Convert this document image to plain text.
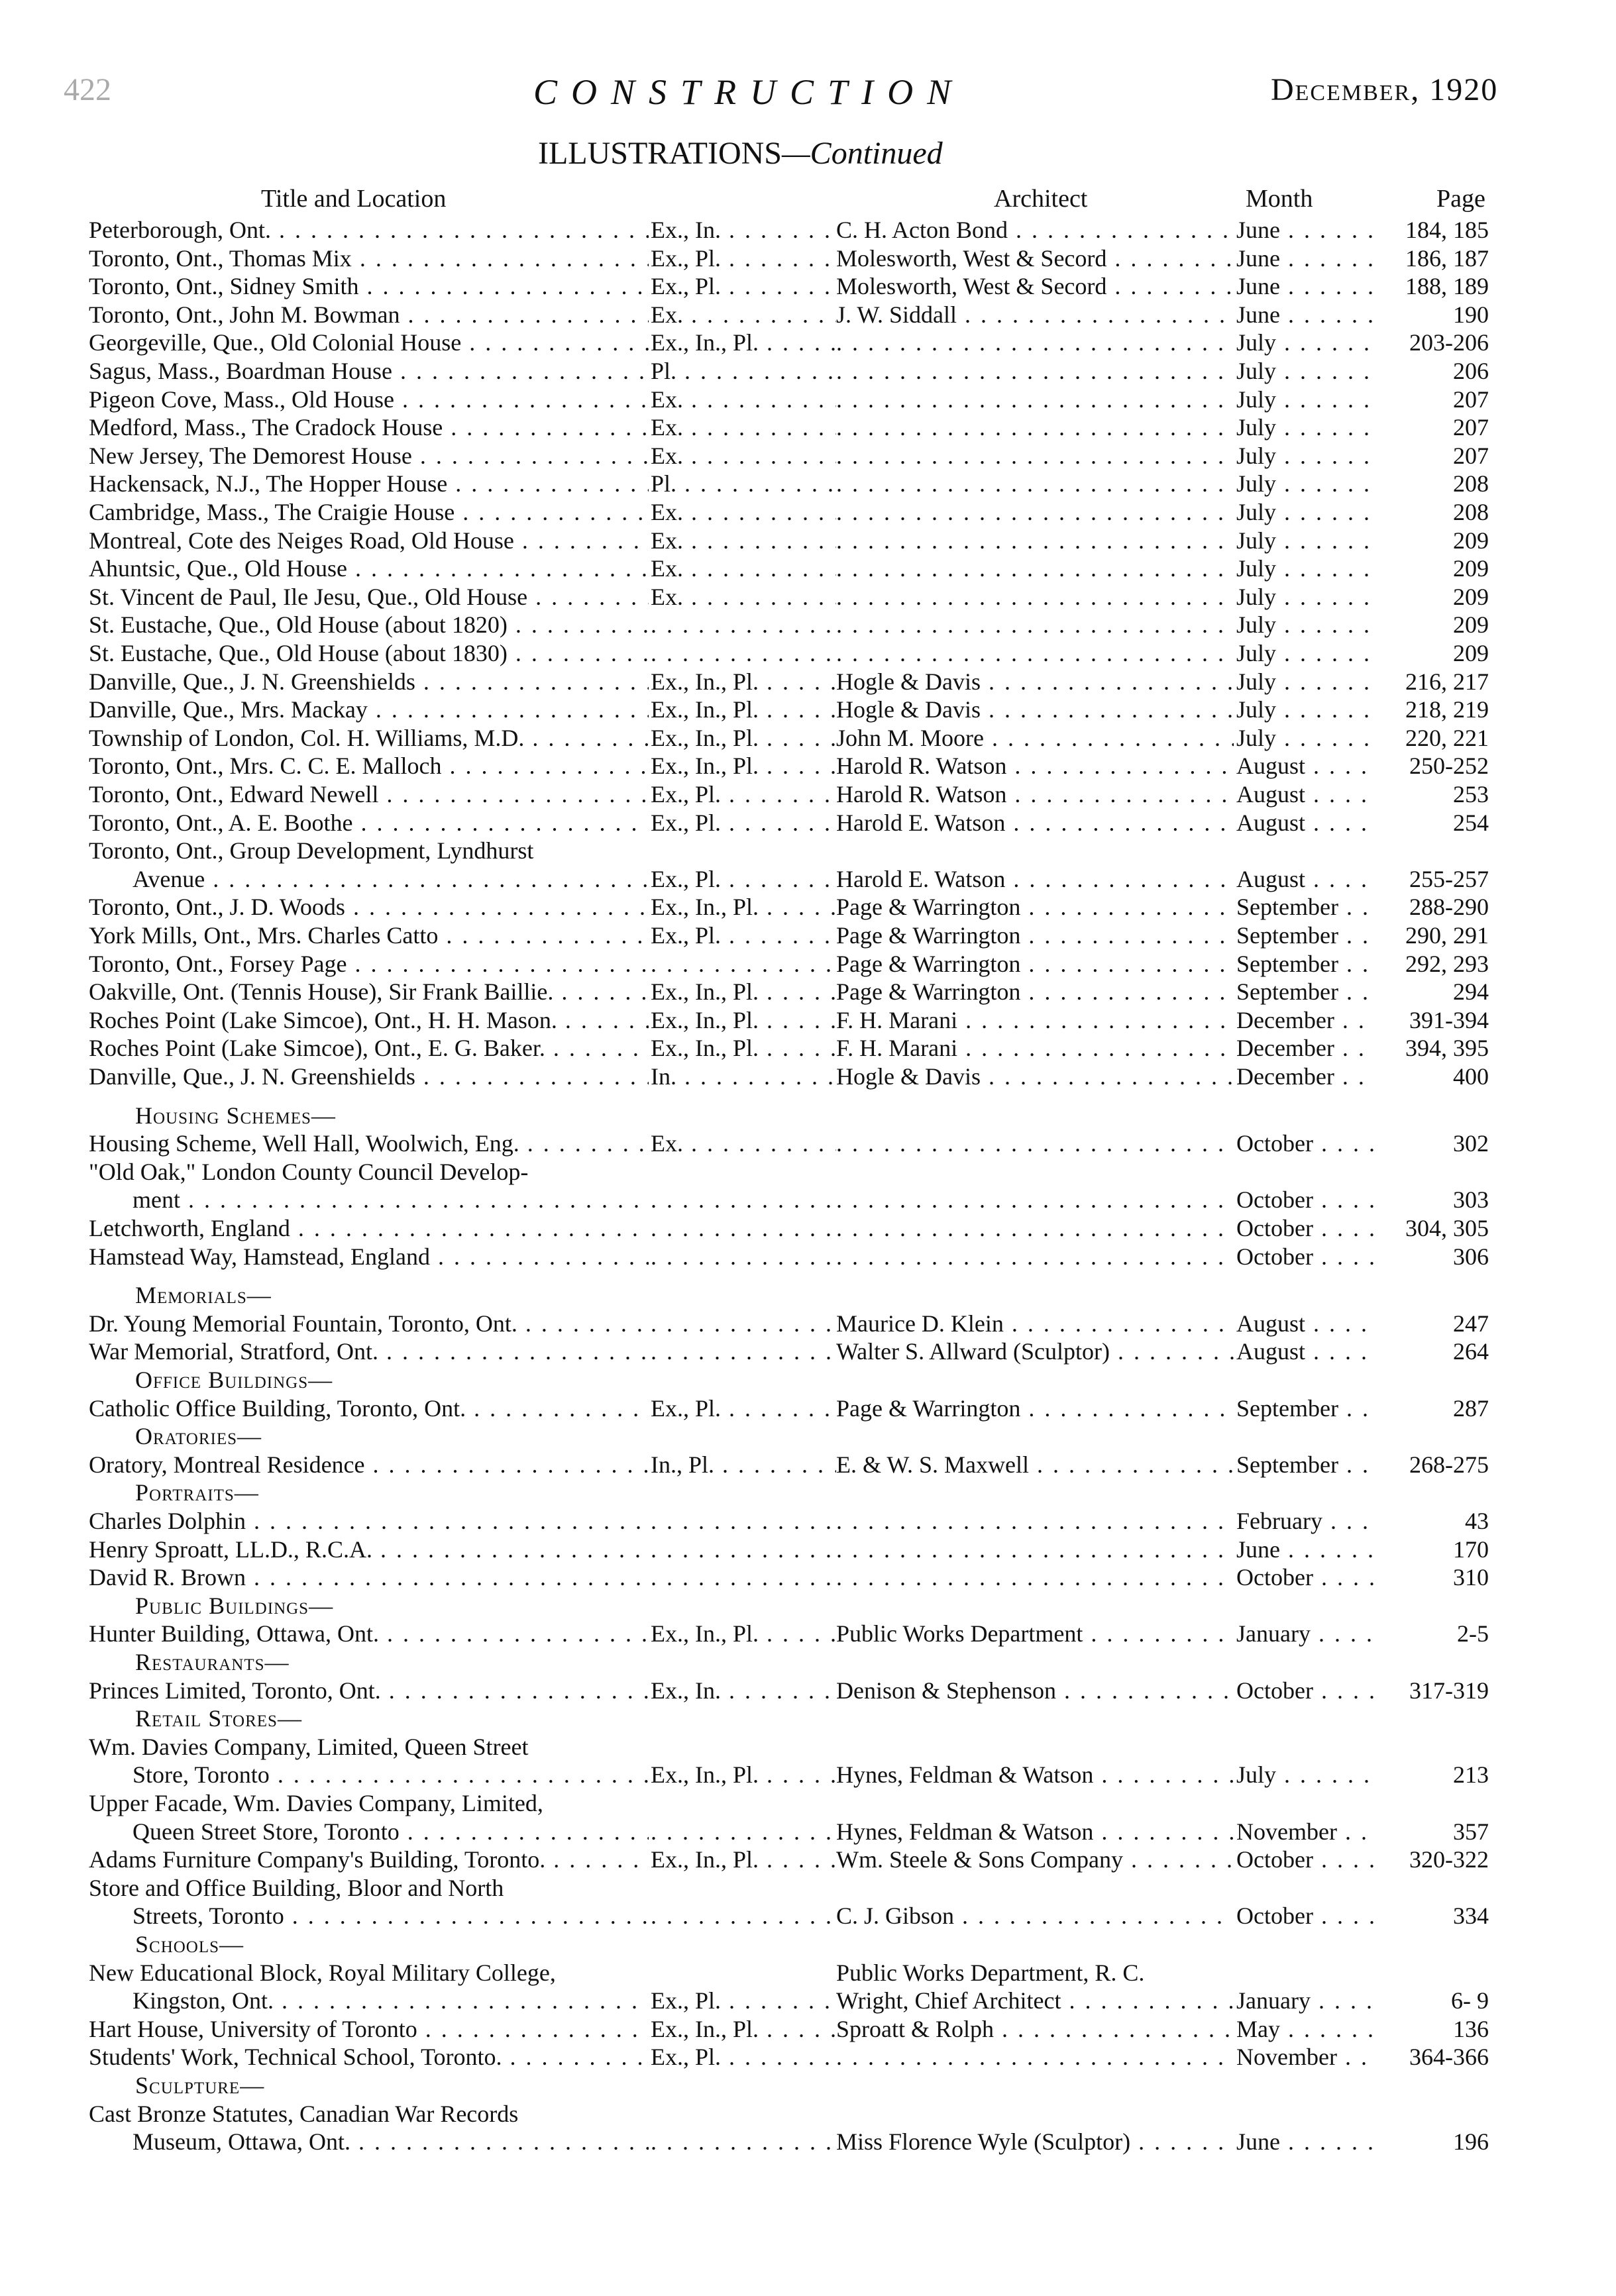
422	CONSTRUCTION	December, 1920
ILLUSTRATIONS—Continued
Title and Location	Architect	Month	Page
Peterborough, Ont. . . .	Ex., In. . . .	C. H. Acton Bond . . .	June . . .	184, 185
Toronto, Ont., Thomas Mix . . .	Ex., Pl. . . .	Molesworth, West & Secord . . .	June . . .	186, 187
Toronto, Ont., Sidney Smith . . .	Ex., Pl. . . .	Molesworth, West & Secord . . .	June . . .	188, 189
Toronto, Ont., John M. Bowman . . .	Ex. . . .	J. W. Siddall . . .	June . . .	190
Georgeville, Que., Old Colonial House . . .	Ex., In., Pl. . . . . . .	July . . .	203-206
Sagus, Mass., Boardman House . . .	Pl. . . . . . .	July . . .	206
Pigeon Cove, Mass., Old House . . .	Ex. . . . . . .	July . . .	207
Medford, Mass., The Cradock House . . .	Ex. . . . . . .	July . . .	207
New Jersey, The Demorest House . . .	Ex. . . . . . .	July . . .	207
Hackensack, N.J., The Hopper House . . .	Pl. . . . . . .	July . . .	208
Cambridge, Mass., The Craigie House . . .	Ex. . . . . . .	July . . .	208
Montreal, Cote des Neiges Road, Old House . . .	Ex. . . . . . .	July . . .	209
Ahuntsic, Que., Old House . . .	Ex. . . . . . .	July . . .	209
St. Vincent de Paul, Ile Jesu, Que., Old House . . .	Ex. . . . . . .	July . . .	209
St. Eustache, Que., Old House (about 1820) . . . . . . . . .	July . . .	209
St. Eustache, Que., Old House (about 1830) . . . . . . . . .	July . . .	209
Danville, Que., J. N. Greenshields . . .	Ex., In., Pl. . . .	Hogle & Davis . . .	July . . .	216, 217
Danville, Que., Mrs. Mackay . . .	Ex., In., Pl. . . .	Hogle & Davis . . .	July . . .	218, 219
Township of London, Col. H. Williams, M.D. . . .	Ex., In., Pl. . . .	John M. Moore . . .	July . . .	220, 221
Toronto, Ont., Mrs. C. C. E. Malloch . . .	Ex., In., Pl. . . .	Harold R. Watson . . .	August . . .	250-252
Toronto, Ont., Edward Newell . . .	Ex., Pl. . . .	Harold R. Watson . . .	August . . .	253
Toronto, Ont., A. E. Boothe . . .	Ex., Pl. . . .	Harold E. Watson . . .	August . . .	254
Toronto, Ont., Group Development, Lyndhurst
Avenue . . .	Ex., Pl. . . .	Harold E. Watson . . .	August . . .	255-257
Toronto, Ont., J. D. Woods . . .	Ex., In., Pl. . . .	Page & Warrington . . .	September . . .	288-290
York Mills, Ont., Mrs. Charles Catto . . .	Ex., Pl. . . .	Page & Warrington . . .	September . . .	290, 291
Toronto, Ont., Forsey Page . . . . . .	Page & Warrington . . .	September . . .	292, 293
Oakville, Ont. (Tennis House), Sir Frank Baillie. . . .	Ex., In., Pl. . . .	Page & Warrington . . .	September . . .	294
Roches Point (Lake Simcoe), Ont., H. H. Mason. . . .	Ex., In., Pl. . . .	F. H. Marani . . .	December . . .	391-394
Roches Point (Lake Simcoe), Ont., E. G. Baker. . . .	Ex., In., Pl. . . .	F. H. Marani . . .	December . . .	394, 395
Danville, Que., J. N. Greenshields . . .	In. . . .	Hogle & Davis . . .	December . . .	400
Housing Schemes—
Housing Scheme, Well Hall, Woolwich, Eng. . . .	Ex. . . . . . .	October . . .	302
"Old Oak," London County Council Develop-
ment . . . . . . . . .	October . . .	303
Letchworth, England . . . . . . . . .	October . . .	304, 305
Hamstead Way, Hamstead, England . . . . . . . . .	October . . .	306
Memorials—
Dr. Young Memorial Fountain, Toronto, Ont. . . . . . .	Maurice D. Klein . . .	August . . .	247
War Memorial, Stratford, Ont. . . . . . .	Walter S. Allward (Sculptor) . . .	August . . .	264
Office Buildings—
Catholic Office Building, Toronto, Ont. . . .	Ex., Pl. . . .	Page & Warrington . . .	September . . .	287
Oratories—
Oratory, Montreal Residence . . .	In., Pl. . . .	E. & W. S. Maxwell . . .	September . . .	268-275
Portraits—
Charles Dolphin . . . . . . . . .	February . . .	43
Henry Sproatt, LL.D., R.C.A. . . . . . . . . .	June . . .	170
David R. Brown . . . . . . . . .	October . . .	310
Public Buildings—
Hunter Building, Ottawa, Ont. . . .	Ex., In., Pl. . . .	Public Works Department . . .	January . . .	2-5
Restaurants—
Princes Limited, Toronto, Ont. . . .	Ex., In. . . .	Denison & Stephenson . . .	October . . .	317-319
Retail Stores—
Wm. Davies Company, Limited, Queen Street
Store, Toronto . . .	Ex., In., Pl. . . .	Hynes, Feldman & Watson . . .	July . . .	213
Upper Facade, Wm. Davies Company, Limited,
Queen Street Store, Toronto . . . . . .	Hynes, Feldman & Watson . . .	November . . .	357
Adams Furniture Company's Building, Toronto. . . .	Ex., In., Pl. . . .	Wm. Steele & Sons Company . . .	October . . .	320-322
Store and Office Building, Bloor and North
Streets, Toronto . . . . . .	C. J. Gibson . . .	October . . .	334
Schools—
New Educational Block, Royal Military College,	Public Works Department, R. C.
Kingston, Ont. . . .	Ex., Pl. . . .	Wright, Chief Architect . . .	January . . .	6- 9
Hart House, University of Toronto . . .	Ex., In., Pl. . . .	Sproatt & Rolph . . .	May . . .	136
Students' Work, Technical School, Toronto. . . .	Ex., Pl. . . . . . .	November . . .	364-366
Sculpture—
Cast Bronze Statutes, Canadian War Records
Museum, Ottawa, Ont. . . . . . .	Miss Florence Wyle (Sculptor) . . .	June . . .	196
